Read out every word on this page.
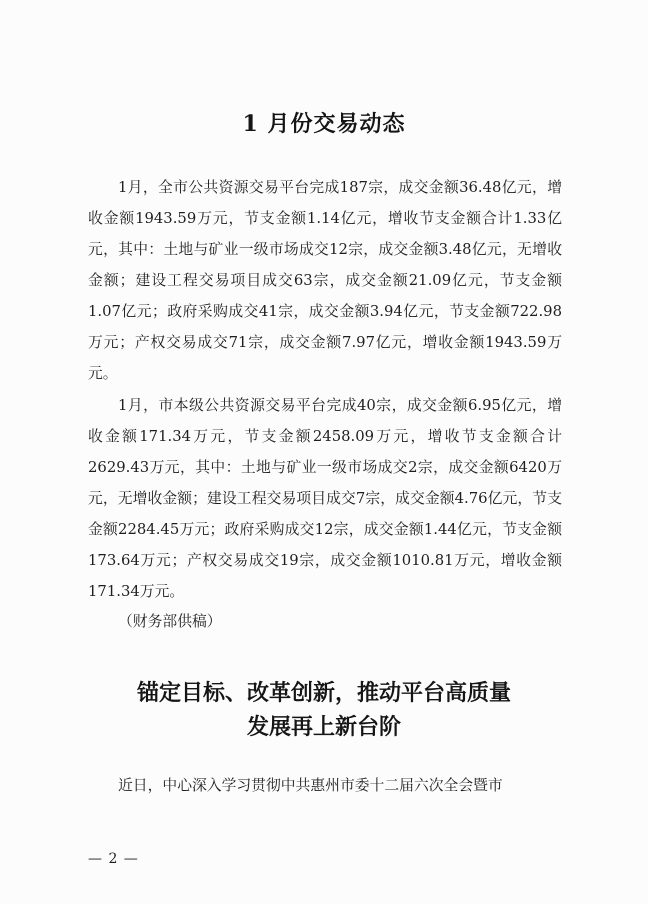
1 月份交易动态

1月，全市公共资源交易平台完成187宗，成交金额36.48亿元，增收金额1943.59万元，节支金额1.14亿元，增收节支金额合计1.33亿元，其中：土地与矿业一级市场成交12宗，成交金额3.48亿元，无增收金额；建设工程交易项目成交63宗，成交金额21.09亿元，节支金额1.07亿元；政府采购成交41宗，成交金额3.94亿元，节支金额722.98万元；产权交易成交71宗，成交金额7.97亿元，增收金额1943.59万元。

1月，市本级公共资源交易平台完成40宗，成交金额6.95亿元，增收金额171.34万元，节支金额2458.09万元，增收节支金额合计2629.43万元，其中：土地与矿业一级市场成交2宗，成交金额6420万元，无增收金额；建设工程交易项目成交7宗，成交金额4.76亿元，节支金额2284.45万元；政府采购成交12宗，成交金额1.44亿元，节支金额173.64万元；产权交易成交19宗，成交金额1010.81万元，增收金额171.34万元。

（财务部供稿）
锚定目标、改革创新，推动平台高质量
发展再上新台阶

近日，中心深入学习贯彻中共惠州市委十二届六次全会暨市

— 2 —
